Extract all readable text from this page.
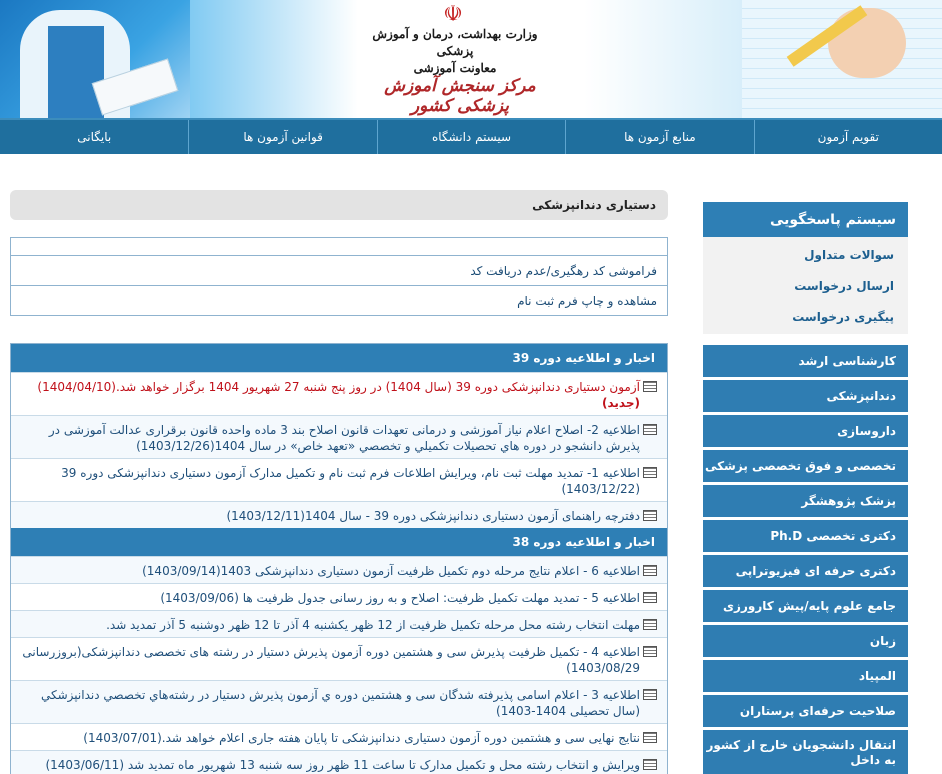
☫
وزارت بهداشت، درمان و آموزش پزشکی
معاونت آموزشی
مرکز سنجش آموزش پزشکی کشور
تقویم آزمون
منابع آزمون ها
سیستم دانشگاه
قوانین آزمون ها
بایگانی
دستیاری دندانپزشکی
فراموشی کد رهگیری/عدم دریافت کد
مشاهده و چاپ فرم ثبت نام
اخبار و اطلاعیه دوره 39
آزمون دستیاری دندانپزشکی دوره 39 (سال 1404) در روز پنج شنبه 27 شهریور 1404 برگزار خواهد شد.(1404/04/10) (جدید)
اطلاعیه 2- اصلاح اعلام نیاز آموزشی و درمانی تعهدات قانون اصلاح بند 3 ماده واحده قانون برقراری عدالت آموزشی در پذیرش دانشجو در دوره هاي تحصيلات تكميلي و تخصصي «تعهد خاص» در سال 1404(1403/12/26)
اطلاعیه 1- تمدید مهلت ثبت نام، ویرایش اطلاعات فرم ثبت نام و تکمیل مدارک آزمون دستیاری دندانپزشکی دوره 39 (1403/12/22)
دفترچه راهنمای آزمون دستیاری دندانپزشکی دوره 39 - سال 1404(1403/12/11)
اخبار و اطلاعیه دوره 38
اطلاعیه 6 - اعلام نتایج مرحله دوم تکمیل ظرفیت آزمون دستیاری دندانپزشکی 1403(1403/09/14)
اطلاعیه 5 - تمدید مهلت تکمیل ظرفیت: اصلاح و به روز رسانی جدول ظرفیت ها (1403/09/06)
مهلت انتخاب رشته محل مرحله تکمیل ظرفیت از 12 ظهر یکشنبه 4 آذر تا 12 ظهر دوشنبه 5 آذر تمدید شد.
اطلاعیه 4 - تکمیل ظرفیت پذیرش سی و هشتمین دوره آزمون پذیرش دستیار در رشته های تخصصی دندانپزشکی(بروزرسانی 1403/08/29)
اطلاعیه 3 - اعلام اسامی پذیرفته شدگان سی و هشتمین دوره ي آزمون پذيرش دستيار در رشته‌هاي تخصصي دندانپزشكي (سال تحصیلی 1404-1403)
نتایج نهایی سی و هشتمین دوره آزمون دستیاری دندانپزشکی تا پایان هفته جاری اعلام خواهد شد.(1403/07/01)
ویرایش و انتخاب رشته محل و تکمیل مدارک تا ساعت 11 ظهر روز سه شنبه 13 شهریور ماه تمدید شد (1403/06/11)
سیستم پاسخگویی
سوالات متداول
ارسال درخواست
پیگیری درخواست
کارشناسی ارشد
دندانپزشکی
داروسازی
تخصصی و فوق تخصصی پزشکی
پزشک پژوهشگر
دکتری تخصصی Ph.D
دکتری حرفه ای فیزیوتراپی
جامع علوم پایه/پیش کارورزی
زبان
المپیاد
صلاحیت حرفه‌ای پرستاران
انتقال دانشجویان خارج از کشور به داخل
